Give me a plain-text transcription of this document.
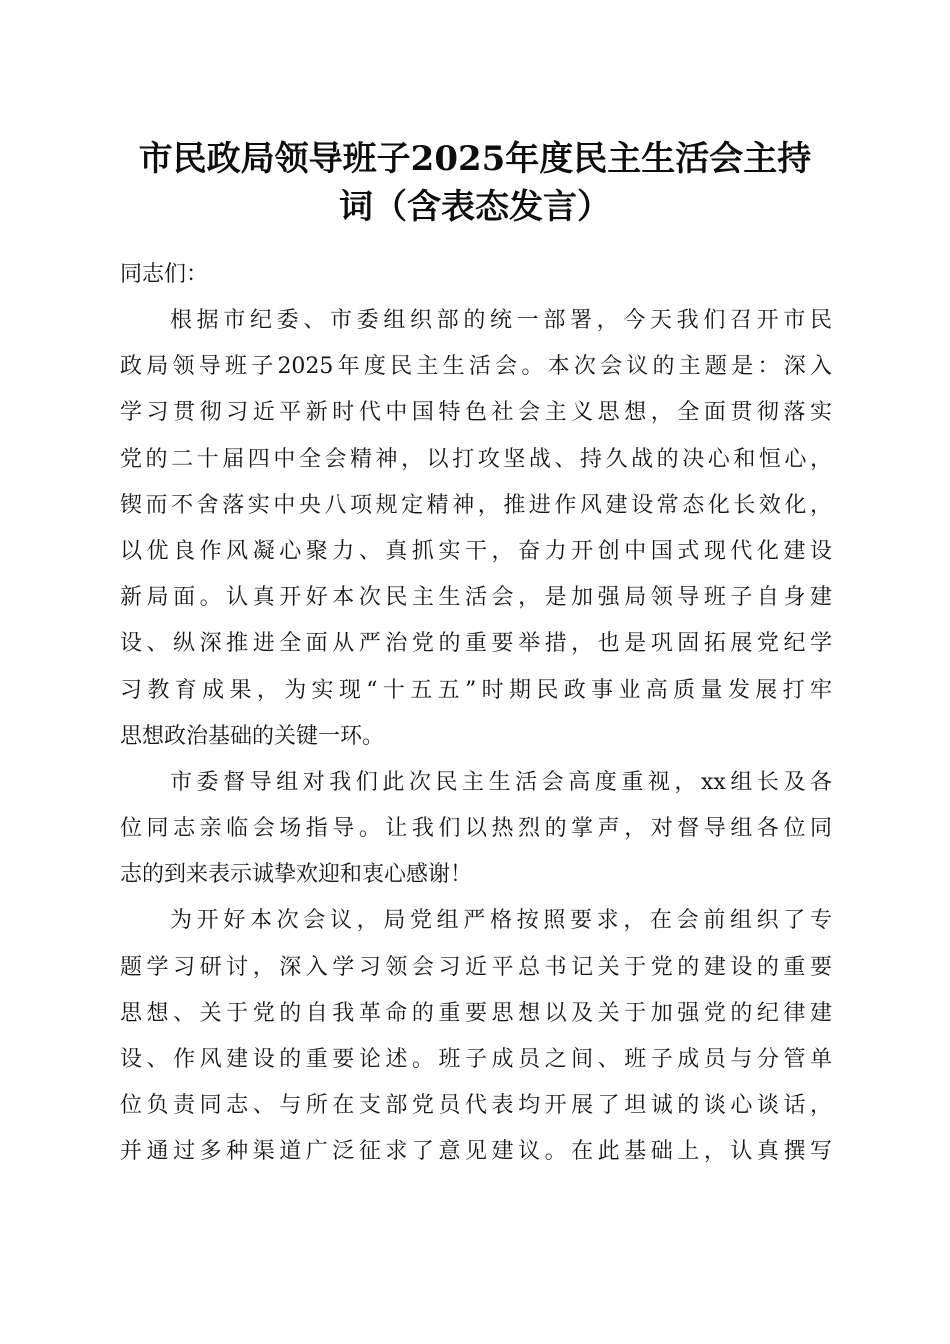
市民政局领导班子2025年度民主生活会主持
词（含表态发言）

同志们：

根据市纪委、市委组织部的统一部署，今天我们召开市民
政局领导班子2025年度民主生活会。本次会议的主题是：深入
学习贯彻习近平新时代中国特色社会主义思想，全面贯彻落实
党的二十届四中全会精神，以打攻坚战、持久战的决心和恒心，
锲而不舍落实中央八项规定精神，推进作风建设常态化长效化，
以优良作风凝心聚力、真抓实干，奋力开创中国式现代化建设
新局面。认真开好本次民主生活会，是加强局领导班子自身建
设、纵深推进全面从严治党的重要举措，也是巩固拓展党纪学
习教育成果，为实现“十五五”时期民政事业高质量发展打牢
思想政治基础的关键一环。

市委督导组对我们此次民主生活会高度重视，xx组长及各
位同志亲临会场指导。让我们以热烈的掌声，对督导组各位同
志的到来表示诚挚欢迎和衷心感谢！

为开好本次会议，局党组严格按照要求，在会前组织了专
题学习研讨，深入学习领会习近平总书记关于党的建设的重要
思想、关于党的自我革命的重要思想以及关于加强党的纪律建
设、作风建设的重要论述。班子成员之间、班子成员与分管单
位负责同志、与所在支部党员代表均开展了坦诚的谈心谈话，
并通过多种渠道广泛征求了意见建议。在此基础上，认真撰写
